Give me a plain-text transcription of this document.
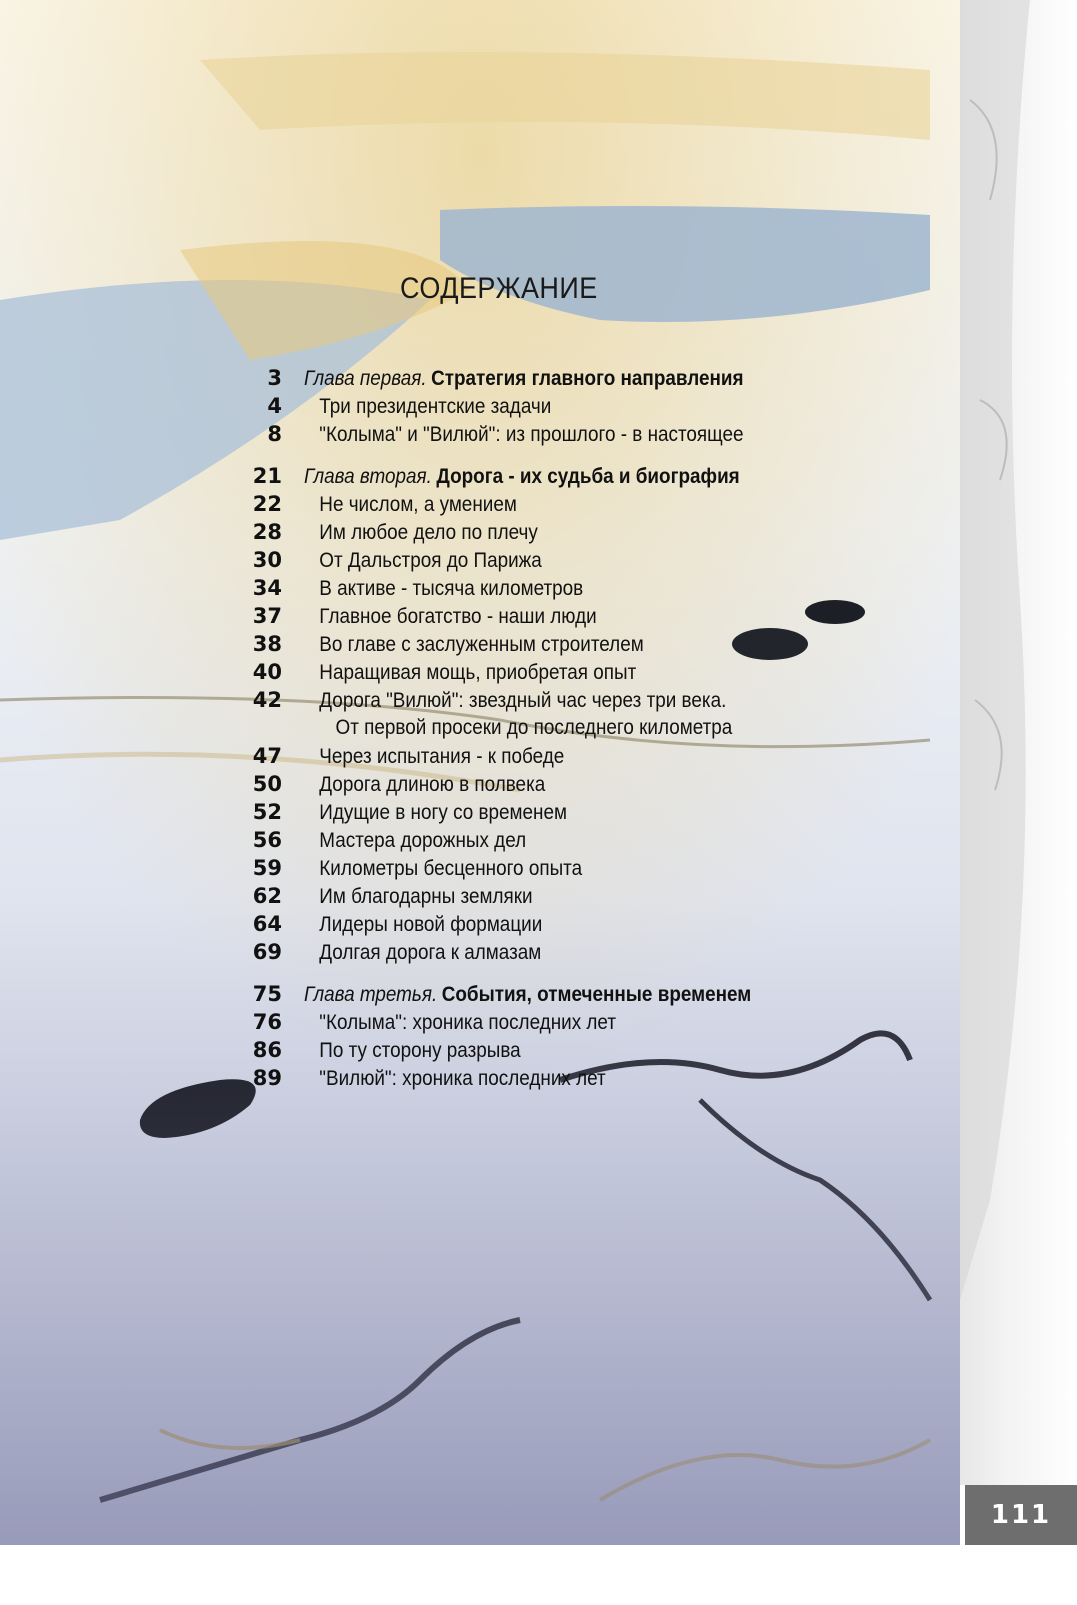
111
СОДЕРЖАНИЕ
3	Глава первая. Стратегия главного направления
4	Три президентские задачи
8	"Колыма" и "Вилюй": из прошлого - в настоящее
21	Глава вторая. Дорога - их судьба и биография
22	Не числом, а умением
28	Им любое дело по плечу
30	От Дальстроя до Парижа
34	В активе - тысяча километров
37	Главное богатство - наши люди
38	Во главе с заслуженным строителем
40	Наращивая мощь, приобретая опыт
42	Дорога "Вилюй": звездный час через три века.
От первой просеки до последнего километра
47	Через испытания - к победе
50	Дорога длиною в полвека
52	Идущие в ногу со временем
56	Мастера дорожных дел
59	Километры бесценного опыта
62	Им благодарны земляки
64	Лидеры новой формации
69	Долгая дорога к алмазам
75	Глава третья. События, отмеченные временем
76	"Колыма": хроника последних лет
86	По ту сторону разрыва
89	"Вилюй": хроника последних лет
